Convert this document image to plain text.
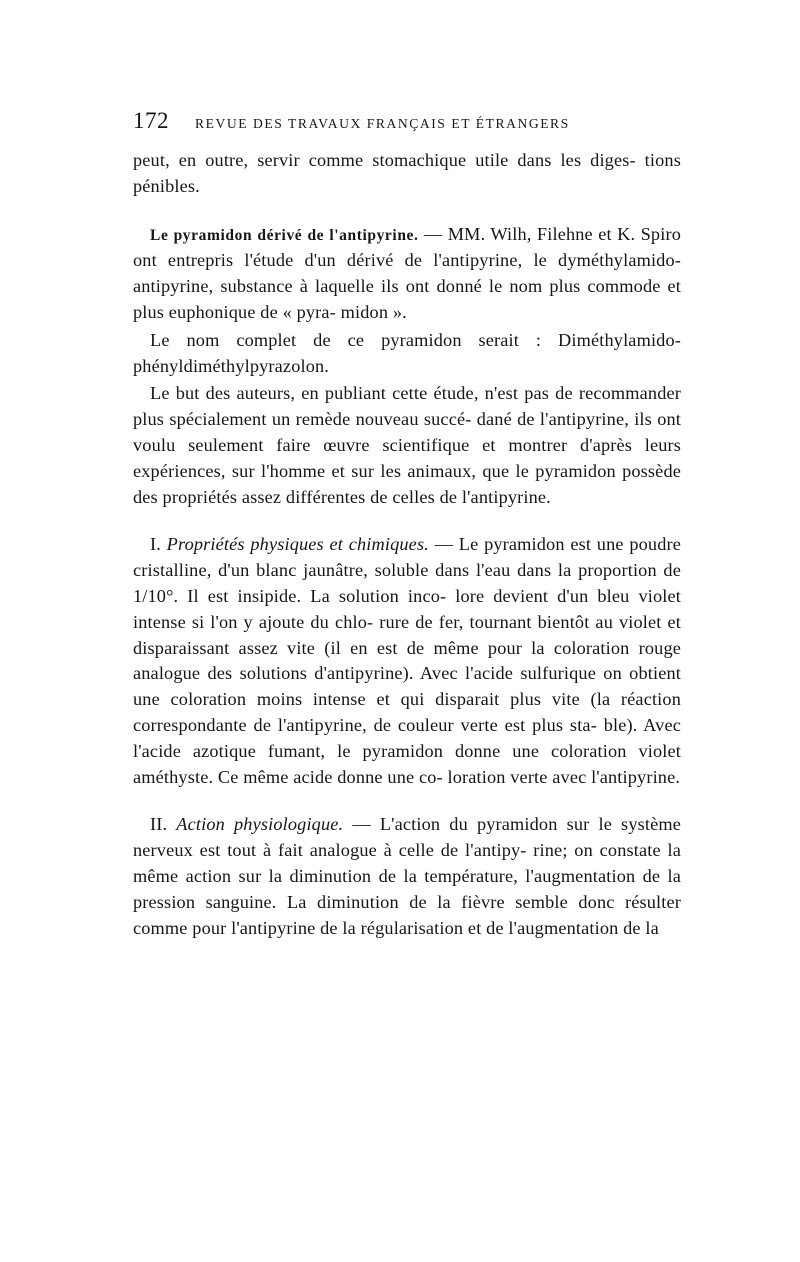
172 REVUE DES TRAVAUX FRANÇAIS ET ÉTRANGERS

peut, en outre, servir comme stomachique utile dans les diges- tions pénibles.

Le pyramidon dérivé de l'antipyrine. — MM. Wilh, Filehne et K. Spiro ont entrepris l'étude d'un dérivé de l'antipyrine, le dyméthylamido-antipyrine, substance à laquelle ils ont donné le nom plus commode et plus euphonique de « pyra- midon ».

Le nom complet de ce pyramidon serait : Diméthylamido- phényldiméthylpyrazolon.

Le but des auteurs, en publiant cette étude, n'est pas de recommander plus spécialement un remède nouveau succé- dané de l'antipyrine, ils ont voulu seulement faire œuvre scientifique et montrer d'après leurs expériences, sur l'homme et sur les animaux, que le pyramidon possède des propriétés assez différentes de celles de l'antipyrine.

I. Propriétés physiques et chimiques. — Le pyramidon est une poudre cristalline, d'un blanc jaunâtre, soluble dans l'eau dans la proportion de 1/10°. Il est insipide. La solution inco- lore devient d'un bleu violet intense si l'on y ajoute du chlo- rure de fer, tournant bientôt au violet et disparaissant assez vite (il en est de même pour la coloration rouge analogue des solutions d'antipyrine). Avec l'acide sulfurique on obtient une coloration moins intense et qui disparait plus vite (la réaction correspondante de l'antipyrine, de couleur verte est plus sta- ble). Avec l'acide azotique fumant, le pyramidon donne une coloration violet améthyste. Ce même acide donne une co- loration verte avec l'antipyrine.

II. Action physiologique. — L'action du pyramidon sur le système nerveux est tout à fait analogue à celle de l'antipy- rine; on constate la même action sur la diminution de la température, l'augmentation de la pression sanguine. La diminution de la fièvre semble donc résulter comme pour l'antipyrine de la régularisation et de l'augmentation de la
